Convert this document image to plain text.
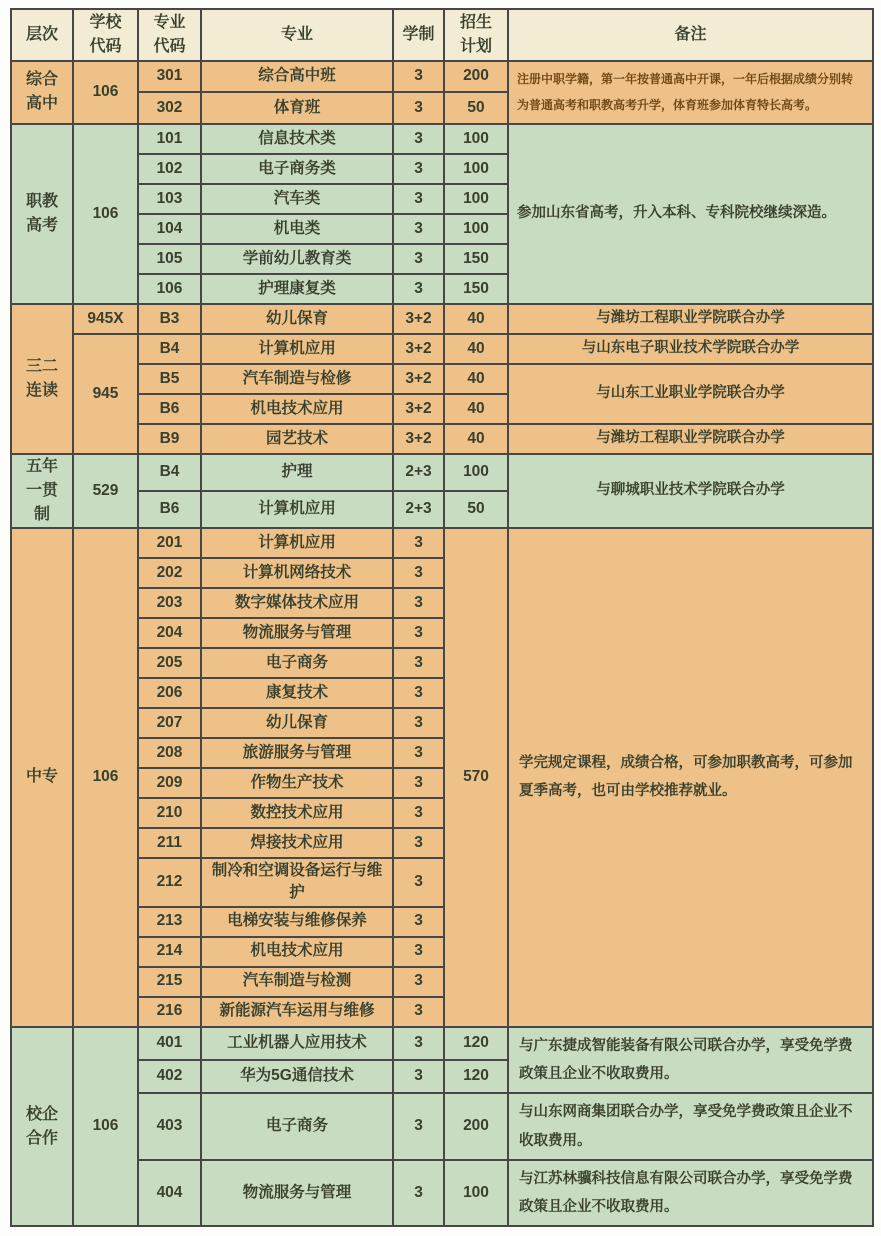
层次	学校代码	专业代码	专业	学制	招生计划	备注
综合高中	106	301	综合高中班	3	200	注册中职学籍，第一年按普通高中开课，一年后根据成绩分别转为普通高考和职教高考升学，体育班参加体育特长高考。
		302	体育班	3	50	
职教高考	106	101	信息技术类	3	100	参加山东省高考，升入本科、专科院校继续深造。
		102	电子商务类	3	100	
		103	汽车类	3	100	
		104	机电类	3	100	
		105	学前幼儿教育类	3	150	
		106	护理康复类	3	150	
三二连读	945X	B3	幼儿保育	3+2	40	与潍坊工程职业学院联合办学
	945	B4	计算机应用	3+2	40	与山东电子职业技术学院联合办学
		B5	汽车制造与检修	3+2	40	与山东工业职业学院联合办学
		B6	机电技术应用	3+2	40	
		B9	园艺技术	3+2	40	与潍坊工程职业学院联合办学
五年一贯制	529	B4	护理	2+3	100	与聊城职业技术学院联合办学
		B6	计算机应用	2+3	50	
中专	106	201	计算机应用	3	570	学完规定课程，成绩合格，可参加职教高考，可参加夏季高考，也可由学校推荐就业。
		202	计算机网络技术	3		
		203	数字媒体技术应用	3		
		204	物流服务与管理	3		
		205	电子商务	3		
		206	康复技术	3		
		207	幼儿保育	3		
		208	旅游服务与管理	3		
		209	作物生产技术	3		
		210	数控技术应用	3		
		211	焊接技术应用	3		
		212	制冷和空调设备运行与维护	3		
		213	电梯安装与维修保养	3		
		214	机电技术应用	3		
		215	汽车制造与检测	3		
		216	新能源汽车运用与维修	3		
校企合作	106	401	工业机器人应用技术	3	120	与广东捷成智能装备有限公司联合办学，享受免学费政策且企业不收取费用。
		402	华为5G通信技术	3	120	
		403	电子商务	3	200	与山东网商集团联合办学，享受免学费政策且企业不收取费用。
		404	物流服务与管理	3	100	与江苏林骥科技信息有限公司联合办学，享受免学费政策且企业不收取费用。
